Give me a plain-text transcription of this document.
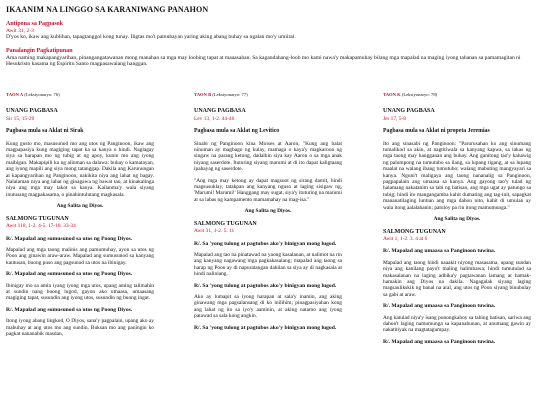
IKAANIM NA LINGGO SA KARANIWANG PANAHON
Antipona sa Pagpasok
Awit 31, 2-3
D'yos ko, ikaw ang kublihan, tapagtanggol kong tunay. Iligtas mo't patnubayan yaring aking abang buhay sa ngalan mo'y umiiral.
Panalangin Pagkatipunan
Ama naming makapangyarihan, pinangangatawanan mong manahan sa mga may loobing tapat at maaasahan. Sa kagandahang-loob mo kami nawa'y makapamuhay bilang mga mapalad na maging iyong tahanan sa pamamagitan ni Hesukristo kasama ng Espiritu Santo magpasawalang hanggan.
TAON A (Leksiyonaryo: 76)
UNANG PAGBASA
Sir 15, 15-20
Pagbasa mula sa Aklat ni Sirak

Kung gusto mo, masusunod mo ang utos ng Panginoon, ikaw ang magpapasiya kung magiging tapat ka sa kanya o hindi. Naglagay siya sa harapan mo ng tubig at ng apoy, kunin mo ang iyong maibigan. Makapipili ka ng alinman sa dalawa: buhay o kamatayan, ang iyong mapili ang siya mong tatanggap. Dakila ang Karunungan at kapangyarihan ng Panginoon, nakikita niya ang lahat ng bagay. Nalalaman niya ang lahat ng ginagawa ng bawat tao, at kinakalinga niya ang mga may takot sa kanya. Kailanma'y wala siyang inutusang magpakasama, o pinahintulutang magkasala.

Ang Salita ng Diyos.
SALMONG TUGUNAN
Awit 118, 1-2. 4-5. 17-18. 33-34
R/. Mapalad ang sumusunod sa utos ng Poong Diyos.

Mapalad ang mga taong malinis ang pamumuhay, ayon sa utos ng Poon ang ginawin araw-araw. Mapalad ang sumusunod sa kanyang kautusan, buong puso ang pagsunod sa utos na ibinigay.

R/. Mapalad ang sumusunod sa utos ng Poong Diyos.

Ibinigay mo sa amin iyang iyong mga utos, upang aming talimahin at sundin nang buong lugod, gayon ako umaasa, umaasang magiging tapat, susundin ang iyong utos, susundin ng buong ingat.

R/. Mapalad ang sumusunod sa utos ng Poong Diyos.

Itong iyong abang lingkod, O Diyos, sana'y pagpalain, upang ako ay mabuhay at ang utos mo ang sundin. Buksan mo ang paningin ko pagkat nananabik masdan,

TAON B (Leksiyonaryo: 77)
UNANG PAGBASA
Lev 13, 1-2. 44-46
Pagbasa mula sa Aklat ng Levitico

Sinabi ng Panginoon kina Moises at Aaron, "Kung ang balat ninuman ay magbago ng kulay, mamaga o kaya'y magkaroon ng singaw na parang ketong, dadalhin siya kay Aaron o sa mga anak niyang saserdote. Ituturing siyang marumi at di ito dapat kaligtaang ipahayag ng saserdote.

"Ang mga may ketong ay dapat magsuot ng sirang damit, hindi magsusuklay, tatakpan ang kanyang nguso at laging sisigaw ng, 'Marumi! Marumi!' Hanggang may sugat, siya'y ituturing na marumi at sa labas ng kampamento mamamahay na mag-isa."

Ang Salita ng Diyos.
SALMONG TUGUNAN
Awit 31, 1-2. 5. 11
R/. Sa 'yong tulong at pagtubos ako'y binigyan mong lugod.

Mapalad ang tao na pinatawad na yaong kasalanan, at nalimot na rin ang kanyang nagawang mga pagkakasalang; mapalad ang taong sa harap ng Poon ay di napuratangan dahilan sa siya ay di nagkasala at hindi nalinlang.

R/. Sa 'yong tulong at pagtubos ako'y binigyan mong lugod.

Ako ay lumapit sa iyong harapan at sala'y inamin, ang aking ginawang mga pagsalansang di ko inilihim; pinagpasiyahan kong ang lahat ng ito sa iyo'y aaminin, at aking natamo ang iyong patawad sa sala kong angkin.

R/. Sa 'yong tulong at pagtubos ako'y binigyan mong lugod.
TAON K (Leksiyonaryo: 78)
UNANG PAGBASA
Jer 17, 5-8
Pagbasa mula sa Aklat ni propeta Jeremias

Ito ang sinasabi ng Panginoon: "Parurusahan ko ang sinumang tumalikod sa akin, at nagtitiwala sa kanyang kapwa, sa lakas ng mga taong may hangganan ang buhay. Ang ganitong tao'y kahawig ng palumpong na tumutubo sa ilang, sa lupang tigang, at sa lupang maalat na walang ibang tumutubo; walang mabuting mangyayari sa kanya. Nguni't maligaya ang taong nananalig sa Panginoon, pagpapalain ang umaasa sa kanya. Ang gayong tao'y tulad ng halamang nakatanim sa tabi ng batisan, ang mga ugat ay patungo sa tubig; hindi ito mangangamba kahit dumating ang tag-init, sapagkat mananatilaging luntian ang mga dahon nito, kahit di umulan ay wala itong aalalahanin; patuloy pa rin itong mamumunga."

Ang Salita ng Diyos.
SALMONG TUGUNAN
Awit 1, 1-2. 3. 4 at 6
R/. Mapalad ang umaasa sa Panginoon tuwina.

Mapalad ang taong hindi naaakit niyong masasama, upang sundan niya ang kanilang payo't maling halimbawa; hindi tumutulad sa makasalanan na laging adhika'y pagtawanan lamang at hamak-hamakin ang Diyos na dakila. Nagagalak siyang laging magsaulikskik ng banal na aral, ang utos ng Poon siyang binubulay sa gabi at araw.

R/. Mapalad ang umaasa sa Panginoon tuwina.

Ang katulad niya'y isang punongkahoy sa tabing batisan, sariwa ang dahon't laging namumunga sa kapanahunan, at anumang gawin ay nakatitiyak na magtatagumpay.

R/. Mapalad ang umaasa sa Panginoon tuwina.
